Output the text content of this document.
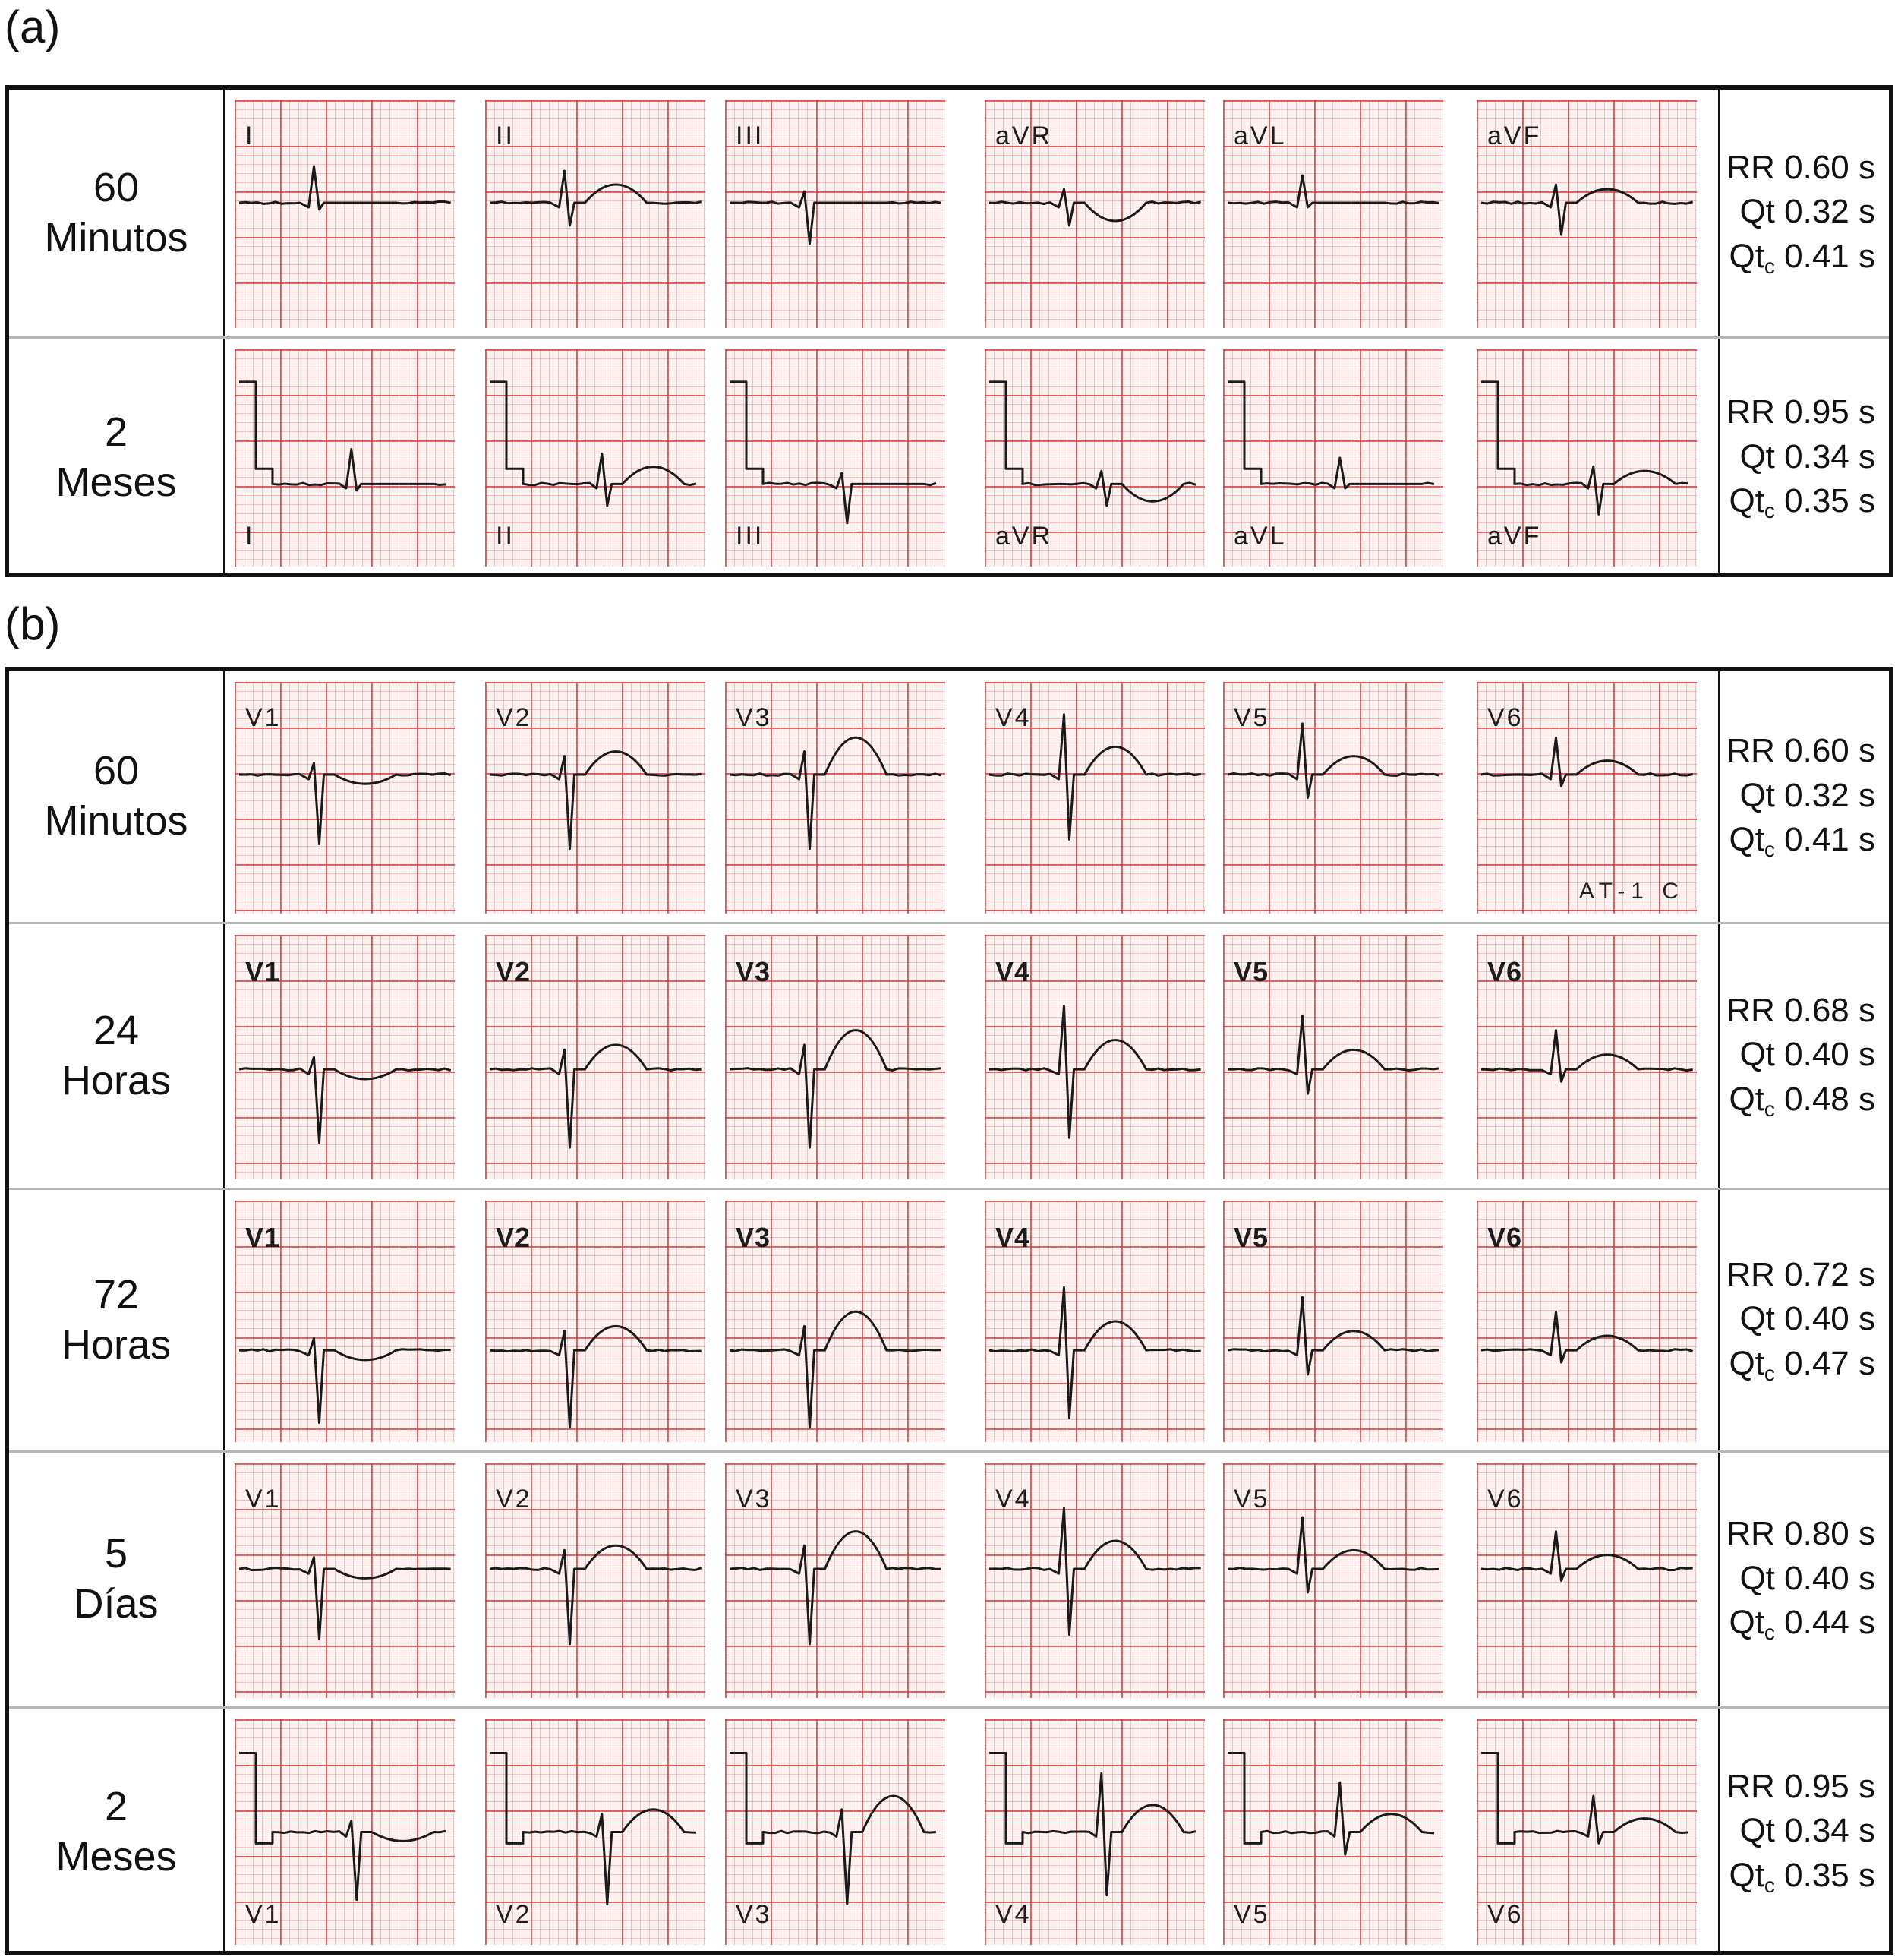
(a)
60
Minutos
I	II	III	aVR	aVL	aVF
RR 0.60 s
Qt 0.32 s
$Qt_c$ 0.41 s
2
Meses
I	II	III	aVR	aVL	aVF
RR 0.95 s
Qt 0.34 s
$Qt_c$ 0.35 s
(b)
60
Minutos
V1	V2	V3	V4	V5	V6
AT-1 C
RR 0.60 s
Qt 0.32 s
$Qt_c$ 0.41 s
24
Horas
V1	V2	V3	V4	V5	V6
RR 0.68 s
Qt 0.40 s
$Qt_c$ 0.48 s
72
Horas
V1	V2	V3	V4	V5	V6
RR 0.72 s
Qt 0.40 s
$Qt_c$ 0.47 s
5
Días
V1	V2	V3	V4	V5	V6
RR 0.80 s
Qt 0.40 s
$Qt_c$ 0.44 s
2
Meses
V1	V2	V3	V4	V5	V6
RR 0.95 s
Qt 0.34 s
$Qt_c$ 0.35 s
